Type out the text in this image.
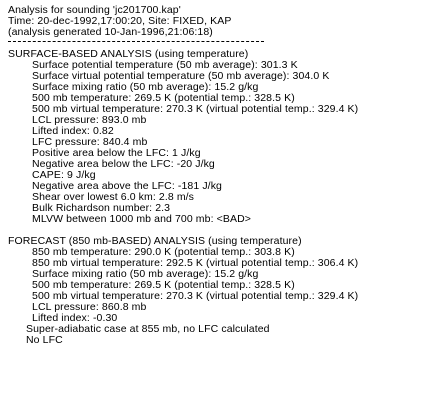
Analysis for sounding 'jc201700.kap'
Time: 20-dec-1992,17:00:20, Site: FIXED, KAP
(analysis generated 10-Jan-1996,21:06:18)
SURFACE-BASED ANALYSIS (using temperature)
Surface potential temperature (50 mb average): 301.3 K
Surface virtual potential temperature (50 mb average): 304.0 K
Surface mixing ratio (50 mb average): 15.2 g/kg
500 mb temperature: 269.5 K (potential temp.: 328.5 K)
500 mb virtual temperature: 270.3 K (virtual potential temp.: 329.4 K)
LCL pressure: 893.0 mb
Lifted index: 0.82
LFC pressure: 840.4 mb
Positive area below the LFC: 1 J/kg
Negative area below the LFC: -20 J/kg
CAPE: 9 J/kg
Negative area above the LFC: -181 J/kg
Shear over lowest 6.0 km: 2.8 m/s
Bulk Richardson number: 2.3
MLVW between 1000 mb and 700 mb: <BAD>
FORECAST (850 mb-BASED) ANALYSIS (using temperature)
850 mb temperature: 290.0 K (potential temp.: 303.8 K)
850 mb virtual temperature: 292.5 K (virtual potential temp.: 306.4 K)
Surface mixing ratio (50 mb average): 15.2 g/kg
500 mb temperature: 269.5 K (potential temp.: 328.5 K)
500 mb virtual temperature: 270.3 K (virtual potential temp.: 329.4 K)
LCL pressure: 860.8 mb
Lifted index: -0.30
Super-adiabatic case at 855 mb, no LFC calculated
No LFC
